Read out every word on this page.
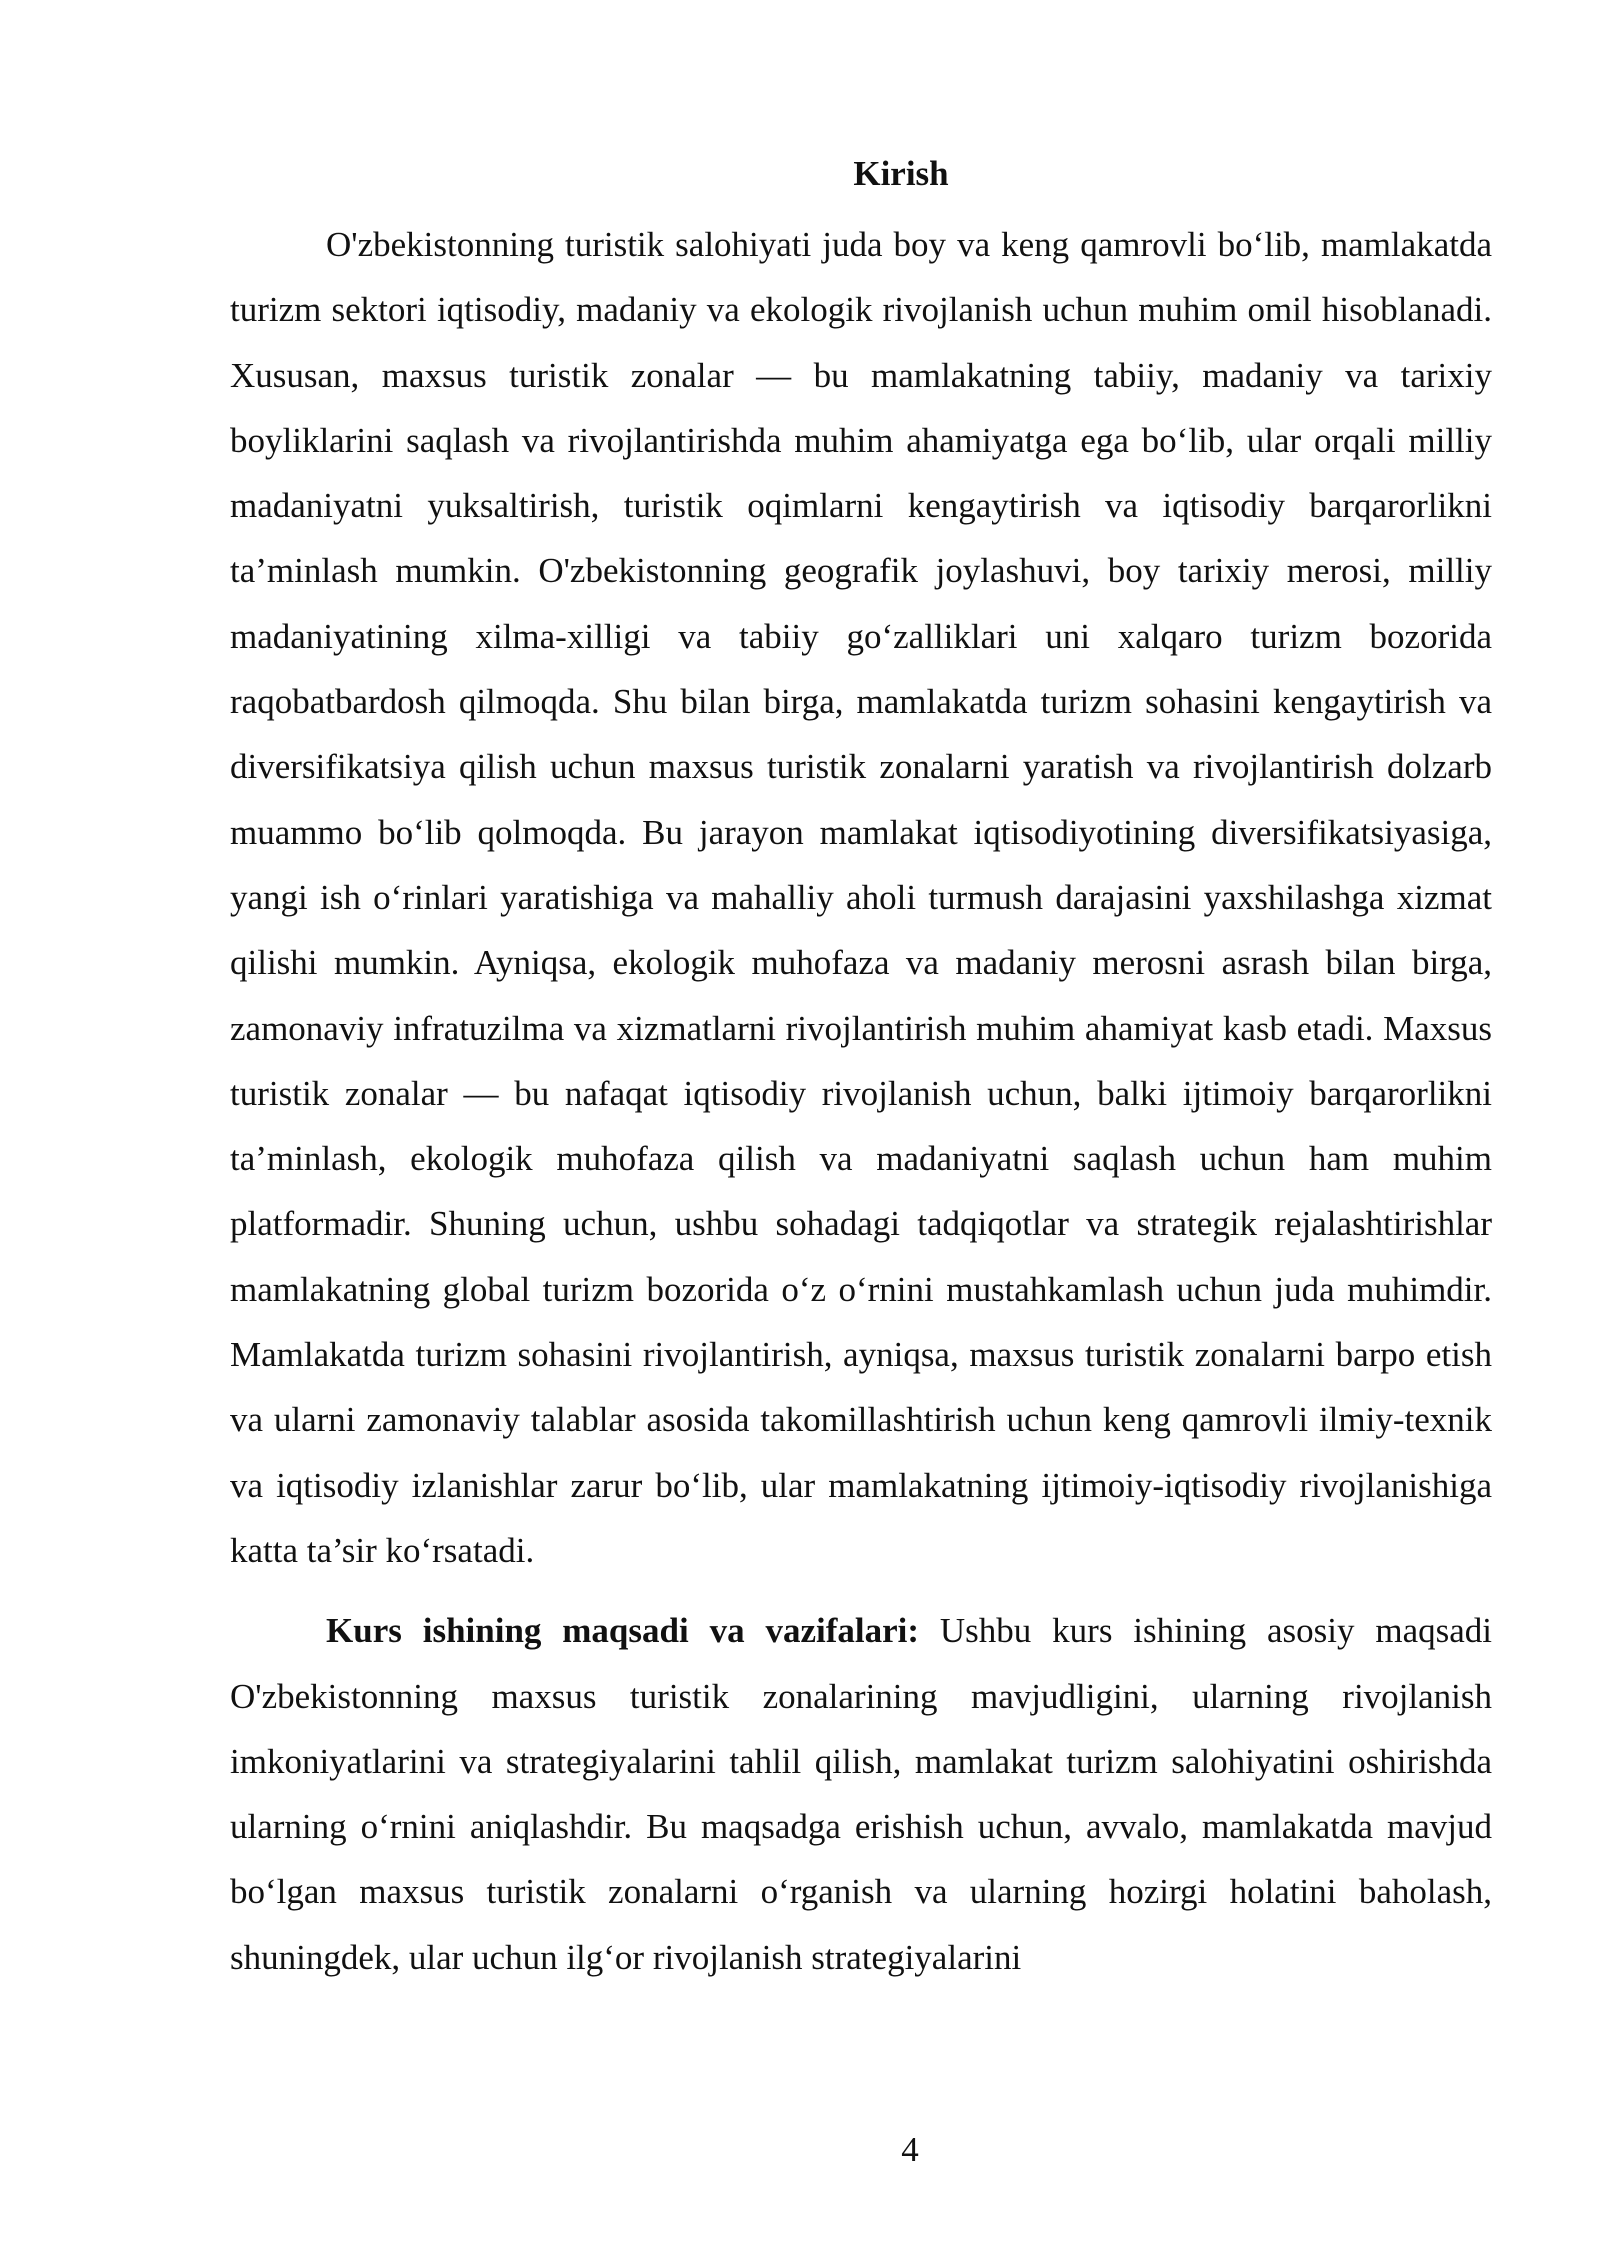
Kirish

O'zbekistonning turistik salohiyati juda boy va keng qamrovli bo‘lib, mamlakatda turizm sektori iqtisodiy, madaniy va ekologik rivojlanish uchun muhim omil hisoblanadi. Xususan, maxsus turistik zonalar — bu mamlakatning tabiiy, madaniy va tarixiy boyliklarini saqlash va rivojlantirishda muhim ahamiyatga ega bo‘lib, ular orqali milliy madaniyatni yuksaltirish, turistik oqimlarni kengaytirish va iqtisodiy barqarorlikni ta’minlash mumkin. O'zbekistonning geografik joylashuvi, boy tarixiy merosi, milliy madaniyatining xilma-xilligi va tabiiy go‘zalliklari uni xalqaro turizm bozorida raqobatbardosh qilmoqda. Shu bilan birga, mamlakatda turizm sohasini kengaytirish va diversifikatsiya qilish uchun maxsus turistik zonalarni yaratish va rivojlantirish dolzarb muammo bo‘lib qolmoqda. Bu jarayon mamlakat iqtisodiyotining diversifikatsiyasiga, yangi ish o‘rinlari yaratishiga va mahalliy aholi turmush darajasini yaxshilashga xizmat qilishi mumkin. Ayniqsa, ekologik muhofaza va madaniy merosni asrash bilan birga, zamonaviy infratuzilma va xizmatlarni rivojlantirish muhim ahamiyat kasb etadi. Maxsus turistik zonalar — bu nafaqat iqtisodiy rivojlanish uchun, balki ijtimoiy barqarorlikni ta’minlash, ekologik muhofaza qilish va madaniyatni saqlash uchun ham muhim platformadir. Shuning uchun, ushbu sohadagi tadqiqotlar va strategik rejalashtirishlar mamlakatning global turizm bozorida o‘z o‘rnini mustahkamlash uchun juda muhimdir. Mamlakatda turizm sohasini rivojlantirish, ayniqsa, maxsus turistik zonalarni barpo etish va ularni zamonaviy talablar asosida takomillashtirish uchun keng qamrovli ilmiy-texnik va iqtisodiy izlanishlar zarur bo‘lib, ular mamlakatning ijtimoiy-iqtisodiy rivojlanishiga katta ta’sir ko‘rsatadi.

Kurs ishining maqsadi va vazifalari: Ushbu kurs ishining asosiy maqsadi O'zbekistonning maxsus turistik zonalarining mavjudligini, ularning rivojlanish imkoniyatlarini va strategiyalarini tahlil qilish, mamlakat turizm salohiyatini oshirishda ularning o‘rnini aniqlashdir. Bu maqsadga erishish uchun, avvalo, mamlakatda mavjud bo‘lgan maxsus turistik zonalarni o‘rganish va ularning hozirgi holatini baholash, shuningdek, ular uchun ilg‘or rivojlanish strategiyalarini

4
